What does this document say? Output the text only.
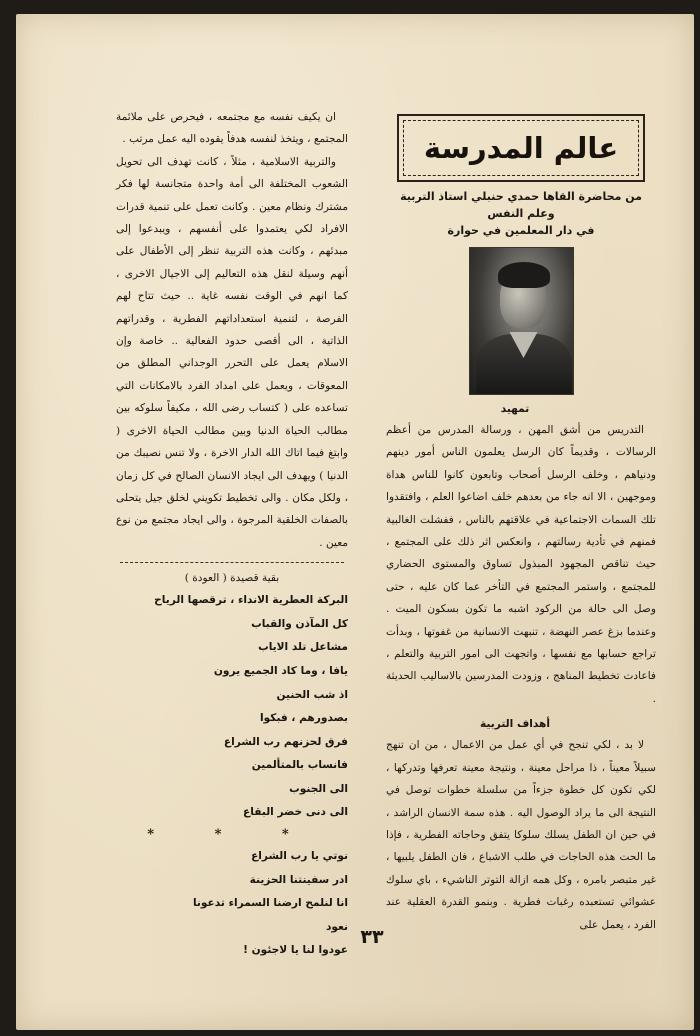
عالم المدرسة
من محاضرة القاها حمدي حنبلي استاذ التربية وعلم النفس
في دار المعلمين في حوارة

تمهيد

التدريس من أشق المهن ، ورسالة المدرس من أعظم الرسالات ، وقديماً كان الرسل يعلمون الناس أمور دينهم ودنياهم ، وخلف الرسل أصحاب وتابعون كانوا للناس هداة وموجهين ، الا انه جاء من بعدهم خلف اضاعوا العلم ، وافتقدوا تلك السمات الاجتماعية في علاقتهم بالناس ، ففشلت الغالبية فمنهم في تأدية رسالتهم ، وانعكس اثر ذلك على المجتمع ، حيث تناقص المجهود المبذول تساوق والمستوى الحضاري للمجتمع ، واستمر المجتمع في التأخر عما كان عليه ، حتى وصل الى حالة من الركود اشبه ما تكون بسكون الميت . وعندما بزغ عصر النهضة ، تنبهت الانسانية من غفوتها ، وبدأت تراجع حسابها مع نفسها ، واتجهت الى امور التربية والتعلم ، فاعادت تخطيط المناهج ، وزودت المدرسين بالاساليب الحديثة .

أهداف التربية

لا بد ، لكي تنجح في أي عمل من الاعمال ، من ان تنهج سبيلاً معيناً ، ذا مراحل معينة ، ونتيجة معينة تعرفها وتدركها ، لكي تكون كل خطوة جزءاً من سلسلة خطوات توصل في النتيجة الى ما يراد الوصول اليه . هذه سمة الانسان الراشد ، في حين ان الطفل يسلك سلوكا يتفق وحاجاته الفطرية ، فإذا ما الحت هذه الحاجات في طلب الاشباع ، فان الطفل يلبيها ، غير متبصر بامره ، وكل همه ازالة التوتر الناشيء ، باي سلوك عشوائي تستعبده رغبات فطرية . وبنمو القدرة العقلية عند الفرد ، يعمل على

ان يكيف نفسه مع مجتمعه ، فيحرص على ملائمة المجتمع ، ويتخذ لنفسه هدفاً يقوده اليه عمل مرتب .

والتربية الاسلامية ، مثلاً ، كانت تهدف الى تحويل الشعوب المختلفة الى أمة واحدة متجانسة لها فكر مشترك ونظام معين . وكانت تعمل على تنمية قدرات الافراد لكي يعتمدوا على أنفسهم ، ويبدعوا إلى مبدئهم ، وكانت هذه التربية تنظر إلى الأطفال على أنهم وسيلة لنقل هذه التعاليم إلى الاجيال الاخرى ، كما انهم في الوقت نفسه غاية .. حيث تتاح لهم الفرصة ، لتنمية استعداداتهم الفطرية ، وقدراتهم الذاتية ، الى أقصى حدود الفعالية .. خاصة وإن الاسلام يعمل على التحرر الوجداني المطلق من المعوقات ، ويعمل على امداد الفرد بالامكانات التي تساعده على ( كتساب رضى الله ، مكيفاً سلوكه بين مطالب الحياة الدنيا وبين مطالب الحياة الاخرى ( وابتغ فيما اتاك الله الدار الاخرة ، ولا تنس نصيبك من الدنيا ) ويهدف الى ايجاد الانسان الصالح في كل زمان ، ولكل مكان . والى تخطيط تكويني لخلق جيل يتحلى بالصفات الخلقية المرجوة ، والى ايجاد مجتمع من نوع معين .

بقية قصيدة ( العودة )
البركة العطرية الانداء ، ترقصها الرياح
كل المآذن والقباب
مشاعل تلد الاياب
يافا ، وما كاد الجميع يرون
اذ شب الحنين
بصدورهم ، فبكوا
فرق لحزنهم رب الشراع
فانساب بالمتألمين
الى الجنوب
الى دنى خضر البقاع
* * *
نوتي يا رب الشراع
ادر سفينتنا الحزينة
انا لنلمح ارضنا السمراء تدعونا
نعود
عودوا لنا يا لاجئون !
٣٣
